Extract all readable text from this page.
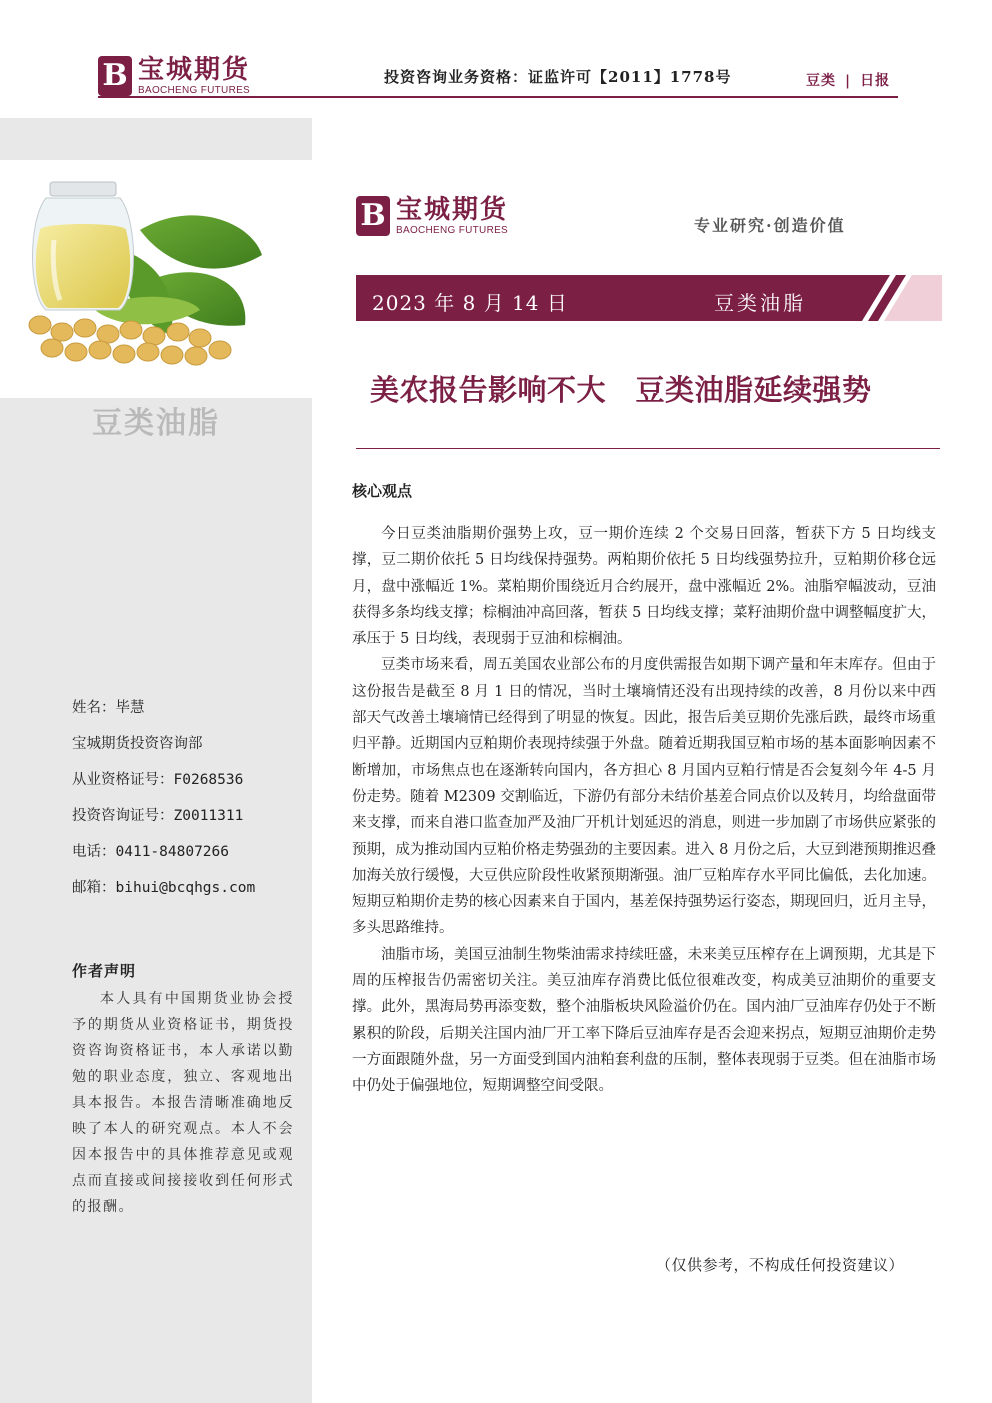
B 宝城期货
BAOCHENG FUTURES
投资咨询业务资格：证监许可【2011】1778号	豆类 | 日报
豆类油脂
姓名：毕慧
宝城期货投资咨询部
从业资格证号：F0268536
投资咨询证号：Z0011311
电话：0411-84807266
邮箱：bihui@bcqhgs.com
作者声明

本人具有中国期货业协会授予的期货从业资格证书，期货投资咨询资格证书，本人承诺以勤勉的职业态度，独立、客观地出具本报告。本报告清晰准确地反映了本人的研究观点。本人不会因本报告中的具体推荐意见或观点而直接或间接接收到任何形式的报酬。

B 宝城期货
BAOCHENG FUTURES	专业研究·创造价值
2023 年 8 月 14 日	豆类油脂
美农报告影响不大　豆类油脂延续强势
核心观点

今日豆类油脂期价强势上攻，豆一期价连续 2 个交易日回落，暂获下方 5 日均线支撑，豆二期价依托 5 日均线保持强势。两粕期价依托 5 日均线强势拉升，豆粕期价移仓远月，盘中涨幅近 1%。菜粕期价围绕近月合约展开，盘中涨幅近 2%。油脂窄幅波动，豆油获得多条均线支撑；棕榈油冲高回落，暂获 5 日均线支撑；菜籽油期价盘中调整幅度扩大，承压于 5 日均线，表现弱于豆油和棕榈油。

豆类市场来看，周五美国农业部公布的月度供需报告如期下调产量和年末库存。但由于这份报告是截至 8 月 1 日的情况，当时土壤墒情还没有出现持续的改善，8 月份以来中西部天气改善土壤墒情已经得到了明显的恢复。因此，报告后美豆期价先涨后跌，最终市场重归平静。近期国内豆粕期价表现持续强于外盘。随着近期我国豆粕市场的基本面影响因素不断增加，市场焦点也在逐渐转向国内，各方担心 8 月国内豆粕行情是否会复刻今年 4-5 月份走势。随着 M2309 交割临近，下游仍有部分未结价基差合同点价以及转月，均给盘面带来支撑，而来自港口监查加严及油厂开机计划延迟的消息，则进一步加剧了市场供应紧张的预期，成为推动国内豆粕价格走势强劲的主要因素。进入 8 月份之后，大豆到港预期推迟叠加海关放行缓慢，大豆供应阶段性收紧预期渐强。油厂豆粕库存水平同比偏低，去化加速。短期豆粕期价走势的核心因素来自于国内，基差保持强势运行姿态，期现回归，近月主导，多头思路维持。

油脂市场，美国豆油制生物柴油需求持续旺盛，未来美豆压榨存在上调预期，尤其是下周的压榨报告仍需密切关注。美豆油库存消费比低位很难改变，构成美豆油期价的重要支撑。此外，黑海局势再添变数，整个油脂板块风险溢价仍在。国内油厂豆油库存仍处于不断累积的阶段，后期关注国内油厂开工率下降后豆油库存是否会迎来拐点，短期豆油期价走势一方面跟随外盘，另一方面受到国内油粕套利盘的压制，整体表现弱于豆类。但在油脂市场中仍处于偏强地位，短期调整空间受限。

（仅供参考，不构成任何投资建议）
